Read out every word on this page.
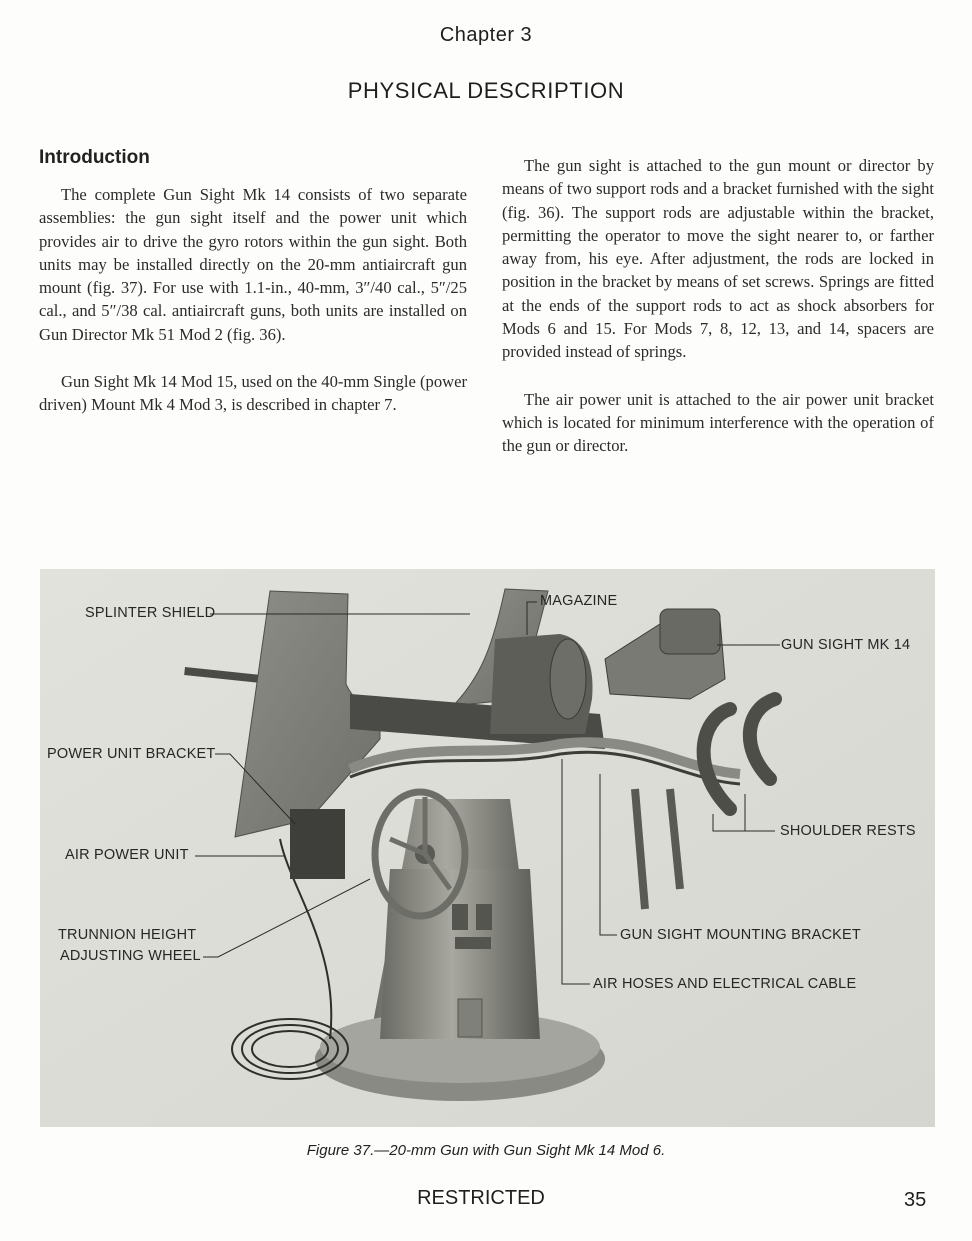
Chapter 3
PHYSICAL DESCRIPTION
Introduction

The complete Gun Sight Mk 14 consists of two separate assemblies: the gun sight itself and the power unit which provides air to drive the gyro rotors within the gun sight. Both units may be installed directly on the 20-mm antiaircraft gun mount (fig. 37). For use with 1.1-in., 40-mm, 3″/40 cal., 5″/25 cal., and 5″/38 cal. antiaircraft guns, both units are installed on Gun Director Mk 51 Mod 2 (fig. 36).

Gun Sight Mk 14 Mod 15, used on the 40-mm Single (power driven) Mount Mk 4 Mod 3, is described in chapter 7.

The gun sight is attached to the gun mount or director by means of two support rods and a bracket furnished with the sight (fig. 36). The support rods are adjustable within the bracket, permitting the operator to move the sight nearer to, or farther away from, his eye. After adjustment, the rods are locked in position in the bracket by means of set screws. Springs are fitted at the ends of the support rods to act as shock absorbers for Mods 6 and 15. For Mods 7, 8, 12, 13, and 14, spacers are provided instead of springs.

The air power unit is attached to the air power unit bracket which is located for minimum interference with the operation of the gun or director.

SPLINTER SHIELD
MAGAZINE
GUN SIGHT MK 14
POWER UNIT BRACKET
AIR POWER UNIT
TRUNNION HEIGHT
ADJUSTING WHEEL
SHOULDER RESTS
GUN SIGHT MOUNTING BRACKET
AIR HOSES AND ELECTRICAL CABLE
Figure 37.—20-mm Gun with Gun Sight Mk 14 Mod 6.
RESTRICTED	35
